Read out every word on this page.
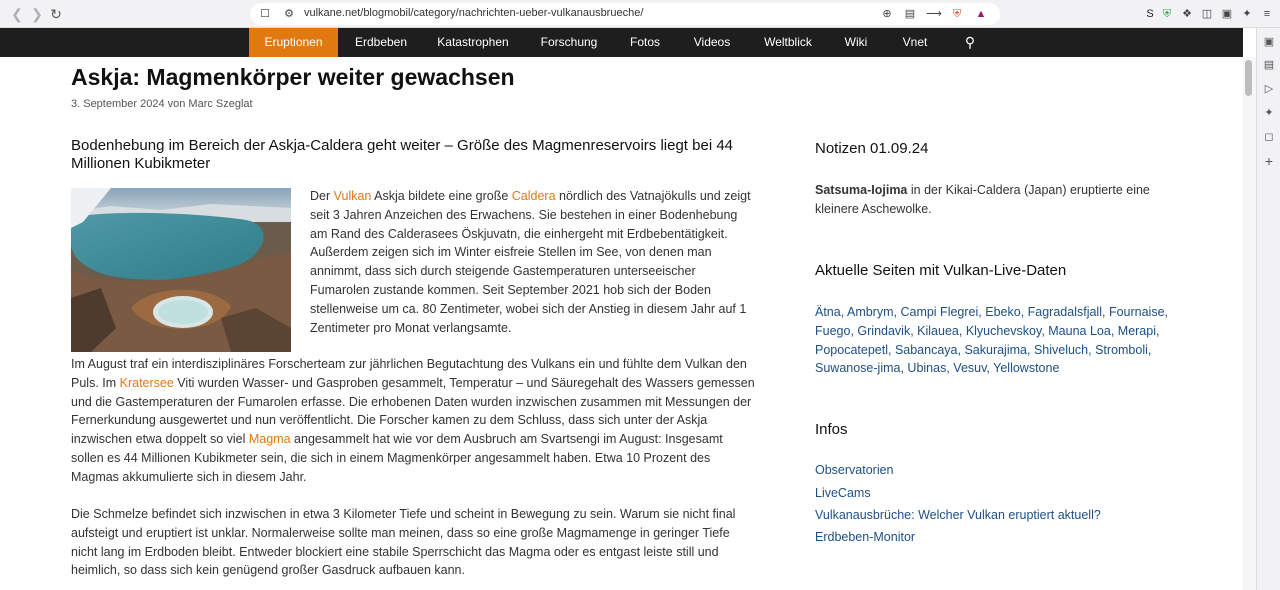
❮ ❯ ↻	☐ ⚙ vulkane.net/blogmobil/category/nachrichten-ueber-vulkanausbrueche/	⊕ ▤ ⟶ ⛨ ▲	S ⛨ ❖ ◫ ▣ ✦	≡
Eruptionen	Erdbeben	Katastrophen	Forschung	Fotos	Videos	Weltblick	Wiki	Vnet	⚲	▣
▤
▷
✦
◻
+
Askja: Magmenkörper weiter gewachsen
3. September 2024 von Marc Szeglat
Bodenhebung im Bereich der Askja-Caldera geht weiter – Größe des Magmenreservoirs liegt bei 44 Millionen Kubikmeter

Der Vulkan Askja bildete eine große Caldera nördlich des Vatnajökulls und zeigt seit 3 Jahren Anzeichen des Erwachens. Sie bestehen in einer Bodenhebung am Rand des Calderasees Öskjuvatn, die einhergeht mit Erdbebentätigkeit. Außerdem zeigen sich im Winter eisfreie Stellen im See, von denen man annimmt, dass sich durch steigende Gastemperaturen unterseeischer Fumarolen zustande kommen. Seit September 2021 hob sich der Boden stellenweise um ca. 80 Zentimeter, wobei sich der Anstieg in diesem Jahr auf 1 Zentimeter pro Monat verlangsamte.

Im August traf ein interdisziplinäres Forscherteam zur jährlichen Begutachtung des Vulkans ein und fühlte dem Vulkan den Puls. Im Kratersee Viti wurden Wasser- und Gasproben gesammelt, Temperatur – und Säuregehalt des Wassers gemessen und die Gastemperaturen der Fumarolen erfasse. Die erhobenen Daten wurden inzwischen zusammen mit Messungen der Fernerkundung ausgewertet und nun veröffentlicht. Die Forscher kamen zu dem Schluss, dass sich unter der Askja inzwischen etwa doppelt so viel Magma angesammelt hat wie vor dem Ausbruch am Svartsengi im August: Insgesamt sollen es 44 Millionen Kubikmeter sein, die sich in einem Magmenkörper angesammelt haben. Etwa 10 Prozent des Magmas akkumulierte sich in diesem Jahr.

Die Schmelze befindet sich inzwischen in etwa 3 Kilometer Tiefe und scheint in Bewegung zu sein. Warum sie nicht final aufsteigt und eruptiert ist unklar. Normalerweise sollte man meinen, dass so eine große Magmamenge in geringer Tiefe nicht lang im Erdboden bleibt. Entweder blockiert eine stabile Sperrschicht das Magma oder es entgast leiste still und heimlich, so dass sich kein genügend großer Gasdruck aufbauen kann.

Notizen 01.09.24

Satsuma-Iojima in der Kikai-Caldera (Japan) eruptierte eine kleinere Aschewolke.

Aktuelle Seiten mit Vulkan-Live-Daten

Ätna, Ambrym, Campi Flegrei, Ebeko, Fagradalsfjall, Fournaise, Fuego, Grindavik, Kilauea, Klyuchevskoy, Mauna Loa, Merapi, Popocatepetl, Sabancaya, Sakurajima, Shiveluch, Stromboli, Suwanose-jima, Ubinas, Vesuv, Yellowstone

Infos
Observatorien
LiveCams
Vulkanausbrüche: Welcher Vulkan eruptiert aktuell?
Erdbeben-Monitor
